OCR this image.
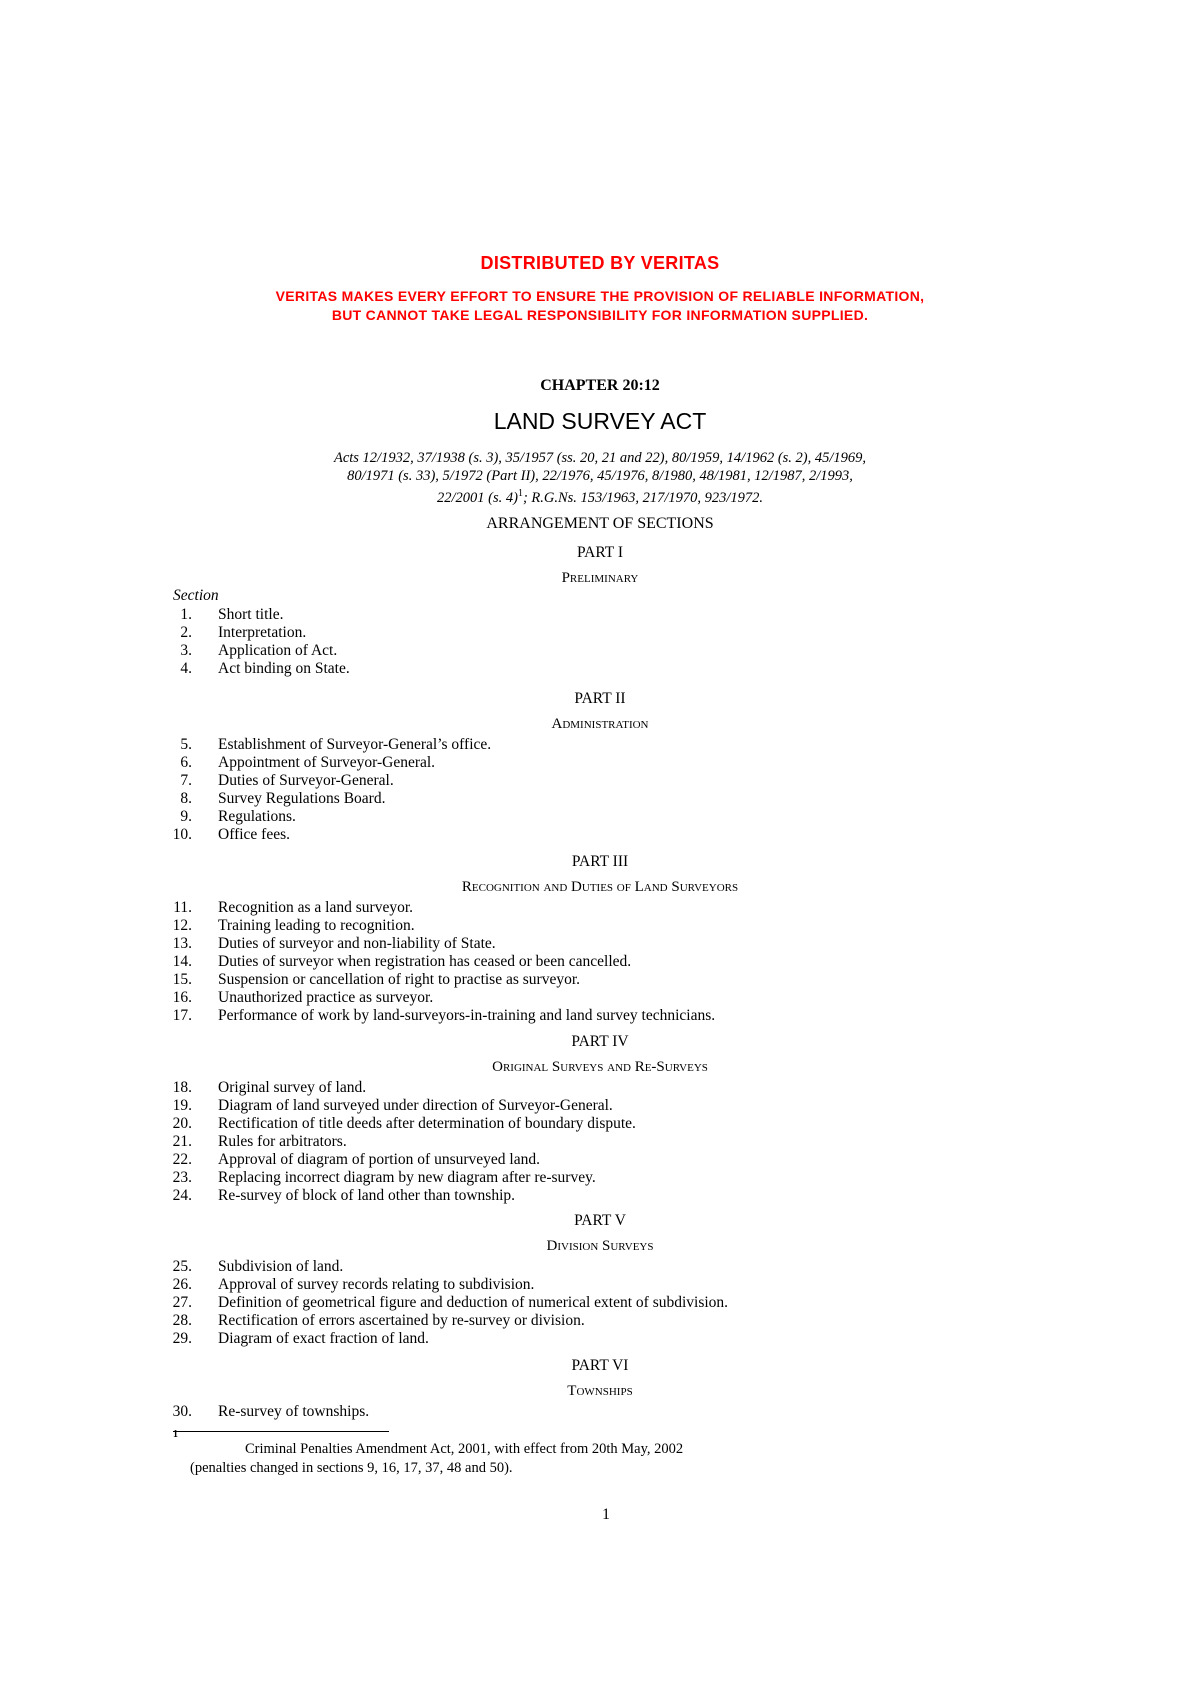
DISTRIBUTED BY VERITAS
VERITAS MAKES EVERY EFFORT TO ENSURE THE PROVISION OF RELIABLE INFORMATION,
BUT CANNOT TAKE LEGAL RESPONSIBILITY FOR INFORMATION SUPPLIED.
CHAPTER 20:12
LAND SURVEY ACT
Acts 12/1932, 37/1938 (s. 3), 35/1957 (ss. 20, 21 and 22), 80/1959, 14/1962 (s. 2), 45/1969,
80/1971 (s. 33), 5/1972 (Part II), 22/1976, 45/1976, 8/1980, 48/1981, 12/1987, 2/1993,
22/2001 (s. 4)$^1$; R.G.Ns. 153/1963, 217/1970, 923/1972.
ARRANGEMENT OF SECTIONS
Section
PART I
Preliminary
1. Short title.
2. Interpretation.
3. Application of Act.
4. Act binding on State.
PART II
Administration
5. Establishment of Surveyor-General’s office.
6. Appointment of Surveyor-General.
7. Duties of Surveyor-General.
8. Survey Regulations Board.
9. Regulations.
10. Office fees.
PART III
Recognition and Duties of Land Surveyors
11. Recognition as a land surveyor.
12. Training leading to recognition.
13. Duties of surveyor and non-liability of State.
14. Duties of surveyor when registration has ceased or been cancelled.
15. Suspension or cancellation of right to practise as surveyor.
16. Unauthorized practice as surveyor.
17. Performance of work by land-surveyors-in-training and land survey technicians.
PART IV
Original Surveys and Re-Surveys
18. Original survey of land.
19. Diagram of land surveyed under direction of Surveyor-General.
20. Rectification of title deeds after determination of boundary dispute.
21. Rules for arbitrators.
22. Approval of diagram of portion of unsurveyed land.
23. Replacing incorrect diagram by new diagram after re-survey.
24. Re-survey of block of land other than township.
PART V
Division Surveys
25. Subdivision of land.
26. Approval of survey records relating to subdivision.
27. Definition of geometrical figure and deduction of numerical extent of subdivision.
28. Rectification of errors ascertained by re-survey or division.
29. Diagram of exact fraction of land.
PART VI
Townships
30. Re-survey of townships.
1
Criminal Penalties Amendment Act, 2001, with effect from 20th May, 2002
(penalties changed in sections 9, 16, 17, 37, 48 and 50).
1
